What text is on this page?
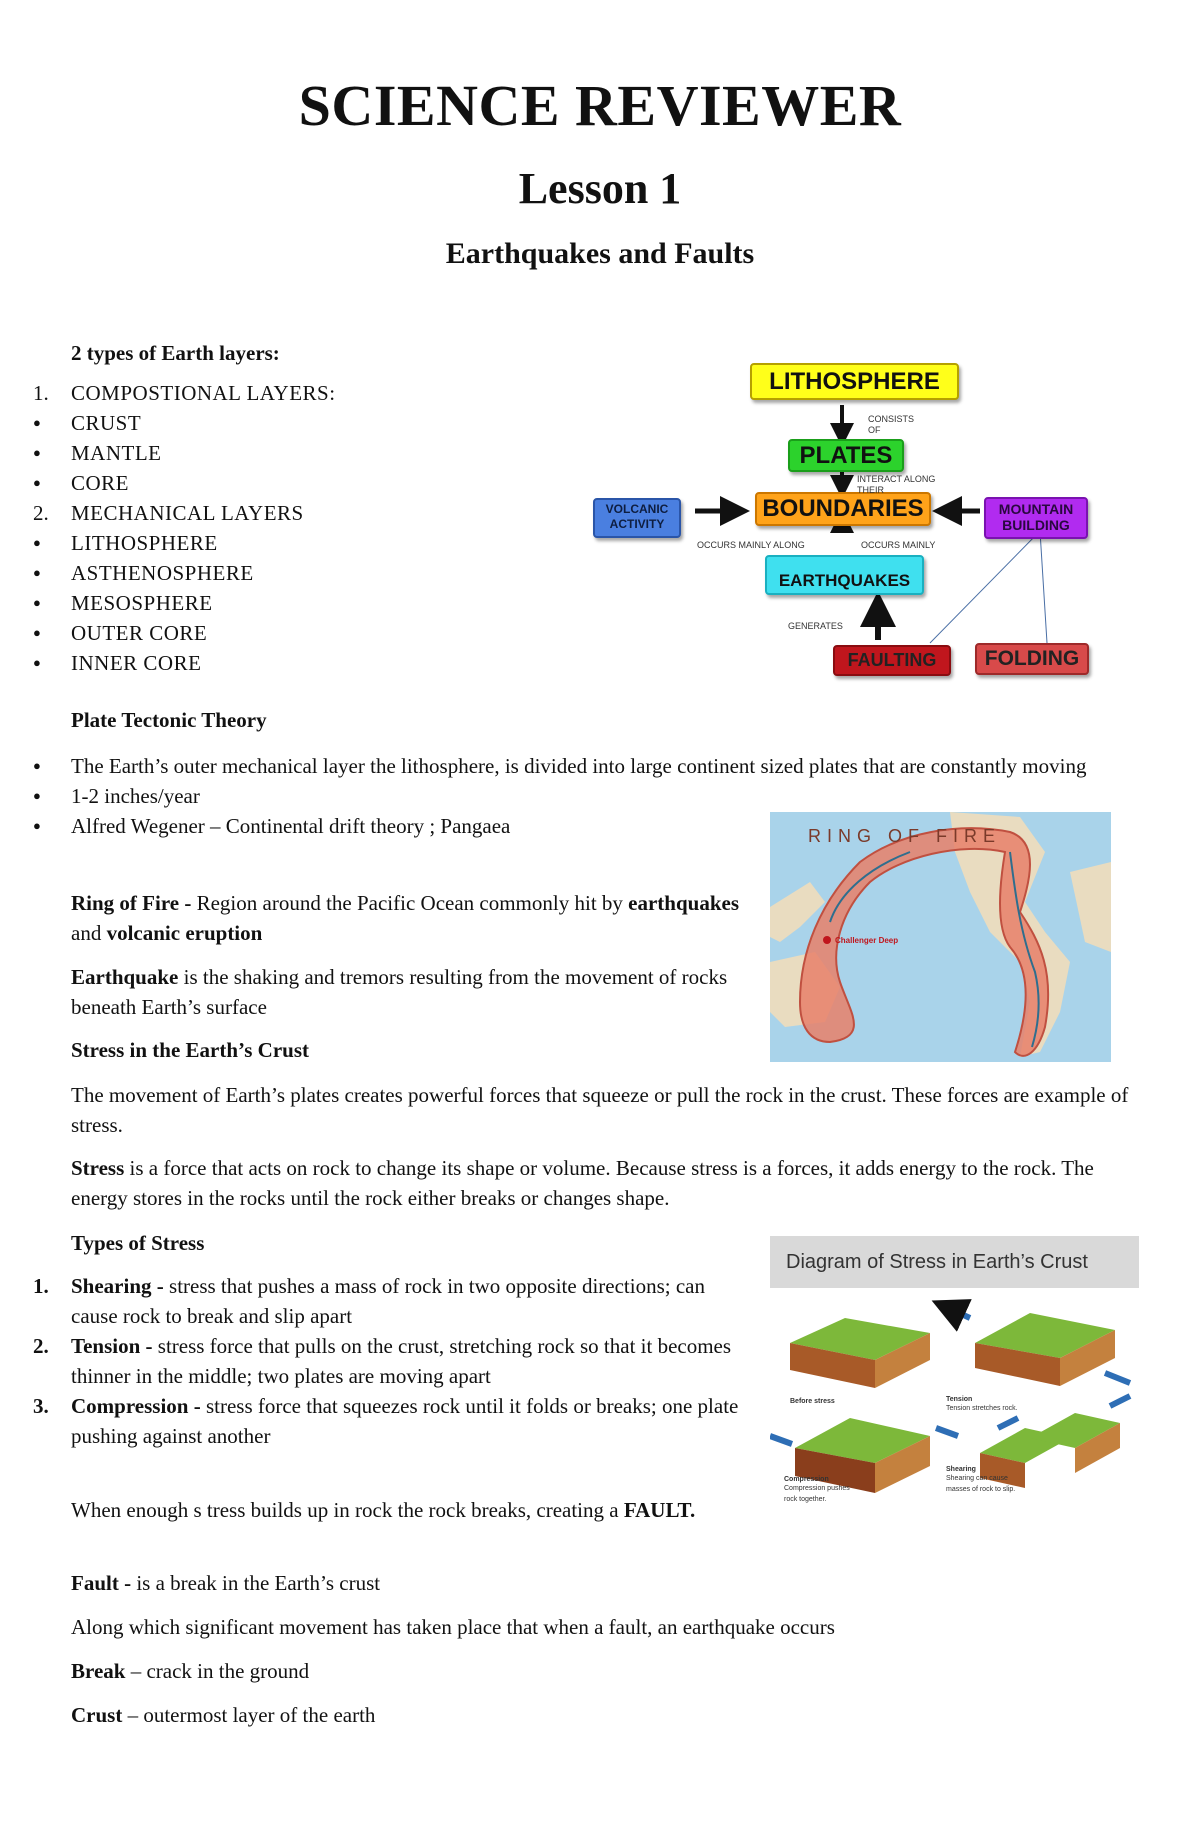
SCIENCE REVIEWER
Lesson 1
Earthquakes and Faults
2 types of Earth layers:
1. COMPOSTIONAL LAYERS:
● CRUST
● MANTLE
● CORE
2. MECHANICAL LAYERS
● LITHOSPHERE
● ASTHENOSPHERE
● MESOSPHERE
● OUTER CORE
● INNER CORE
LITHOSPHERE
PLATES
BOUNDARIES
EARTHQUAKES
FAULTING	FOLDING
VOLCANIC ACTIVITY
MOUNTAIN BUILDING
CONSISTS OF
INTERACT ALONG THEIR
OCCURS MAINLY ALONG	OCCURS MAINLY
GENERATES
Plate Tectonic Theory
● The Earth’s outer mechanical layer the lithosphere, is divided into large continent sized plates that are constantly moving
● 1-2 inches/year
● Alfred Wegener – Continental drift theory ; Pangaea
Challenger Deep
RING OF FIRE
Ring of Fire - Region around the Pacific Ocean commonly hit by earthquakes and volcanic eruption
Earthquake is the shaking and tremors resulting from the movement of rocks beneath Earth’s surface
Stress in the Earth’s Crust
The movement of Earth’s plates creates powerful forces that squeeze or pull the rock in the crust. These forces are example of stress.
Stress is a force that acts on rock to change its shape or volume. Because stress is a forces, it adds energy to the rock. The energy stores in the rocks until the rock either breaks or changes shape.
Types of Stress
1. Shearing - stress that pushes a mass of rock in two opposite directions; can cause rock to break and slip apart
2. Tension - stress force that pulls on the crust, stretching rock so that it becomes thinner in the middle; two plates are moving apart
3. Compression - stress force that squeezes rock until it folds or breaks; one plate pushing against another
Diagram of Stress in Earth’s Crust
Before stress	Tension
Tension stretches rock.
Compression
Compression pushes rock together.
Shearing
Shearing can cause masses of rock to slip.
When enough s tress builds up in rock the rock breaks, creating a FAULT.
Fault - is a break in the Earth’s crust
Along which significant movement has taken place that when a fault, an earthquake occurs
Break – crack in the ground
Crust – outermost layer of the earth
